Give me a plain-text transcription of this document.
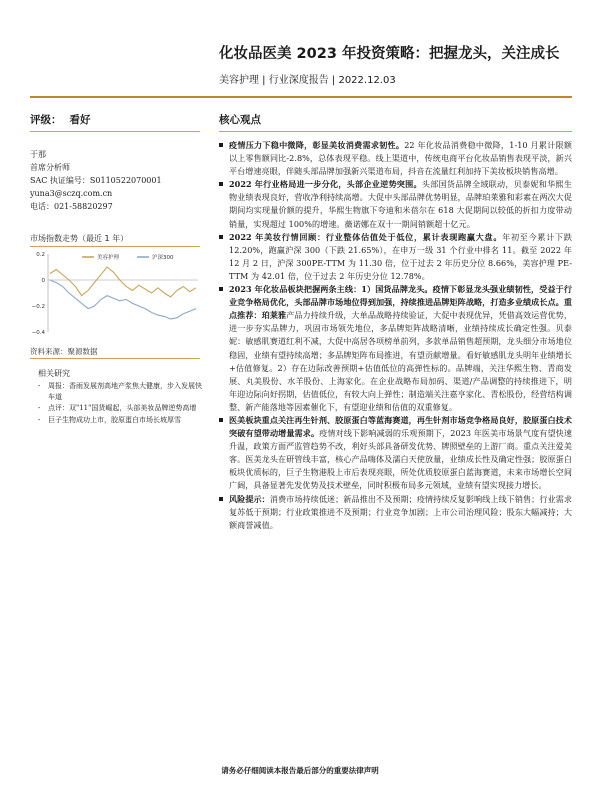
化妆品医美 2023 年投资策略：把握龙头，关注成长
美容护理 | 行业深度报告 | 2022.12.03
评级： 看好	核心观点
于那
首席分析师
SAC 执证编号：S0110522070001
yuna3@sczq.com.cn
电话：021-58820297
市场指数走势（最近 1 年）
0.2
0
−0.2
−0.4
美容护理	沪深300
资料来源：聚源数据
相关研究
-	周报：香雨发展剂高地产浆焦大健康，步入发展快车道
-	点评：双"11"国货崛起，头部美妆品牌逆势高增
-	巨子生物成功上市，胶原蛋白市场长坡厚雪
疫情压力下稳中微降，彰显美妆消费需求韧性。22 年化妆品消费稳中微降，1-10 月累计限额以上零售额同比-2.8%，总体表现平稳。线上渠道中，传统电商平台化妆品销售表现平淡，新兴平台增速亮眼，伴随头部品牌加强新兴渠道布局，抖音在流量红利加持下美妆板块销售高增。
2022 年行业格局进一步分化，头部企业逆势突围。头部国货品牌全域联动，贝泰妮和华熙生物业绩表现良好，营收净利持续高增。大促中头部品牌优势明显，品牌珀莱雅和彩素在两次大促期间均实现量价额的提升，华熙生物旗下夸迪和米蓓尔在 618 大促期间以较低的折扣力度带动销量，实现超过 100%的增速。薇诺娜在双十一期间销额超十亿元。
2022 年美妆行情回顾：行业整体估值处于低位，累计表现跑赢大盘。年初至今累计下跌 12.20%，跑赢沪深 300（下跌 21.65%），在申万一级 31 个行业中排名 11。截至 2022 年 12 月 2 日，沪深 300PE-TTM 为 11.30 倍，位于过去 2 年历史分位 8.66%，美容护理 PE-TTM 为 42.01 倍，位于过去 2 年历史分位 12.78%。
2023 年化妆品板块把握两条主线：1）国货品牌龙头。疫情下彰显龙头强业绩韧性，受益于行业竞争格局优化，头部品牌市场地位得到加强，持续推进品牌矩阵战略，打造多业绩成长点。重点推荐：珀莱雅产品力持续升级，大单品战略持续验证，大促中表现优异，凭借高效运营优势，进一步夯实品牌力，巩固市场领先地位，多品牌矩阵战略清晰，业绩持续成长确定性强。贝泰妮：敏感肌赛道红利不减，大促中高居各项榜单前列，多款单品销售超预期，龙头细分市场地位稳固，业绩有望持续高增；多品牌矩阵布局推进，有望贡献增量。看好敏感肌龙头明年业绩增长+估值修复。2）存在边际改善预期+估值低位的高弹性标的。品牌端，关注华熙生物、青商发展、丸美股份、水羊股份、上海家化。在企业战略布局加码、渠道/产品调整的持续推进下，明年迎边际向好拐期，估值低位，有较大向上弹性；制造端关注嘉亨家化、青松股份，经营结构调整、新产能落地等因素催化下，有望迎业绩和估值的双重修复。
医美板块重点关注再生针剂、胶原蛋白等蓝海赛道，再生针剂市场竞争格局良好，胶原蛋白技术突破有望带动增量需求。疫情对线下影响减弱的乐观预期下，2023 年医美市场景气度有望快速升温，政策方面严监管趋势不改，利好头部具备研发优势、牌照壁垒的上游厂商。重点关注爱美客。医美龙头在研管线丰富，核心产品嗨体及濡白天使放量，业绩成长性及确定性强；胶原蛋白板块优质标的，巨子生物港股上市后表现亮眼，所处优质胶原蛋白蓝海赛道，未来市场增长空间广阔，具备显著先发优势及技术壁垒，同时积极布局多元领域，业绩有望实现接力增长。
风险提示：消费市场持续低迷；新品推出不及预期；疫情持续反复影响线上线下销售；行业需求复苏低于预期；行业政策推进不及预期；行业竞争加剧；上市公司治理风险；股东大幅减持；大额商誉减值。
请务必仔细阅读本报告最后部分的重要法律声明
